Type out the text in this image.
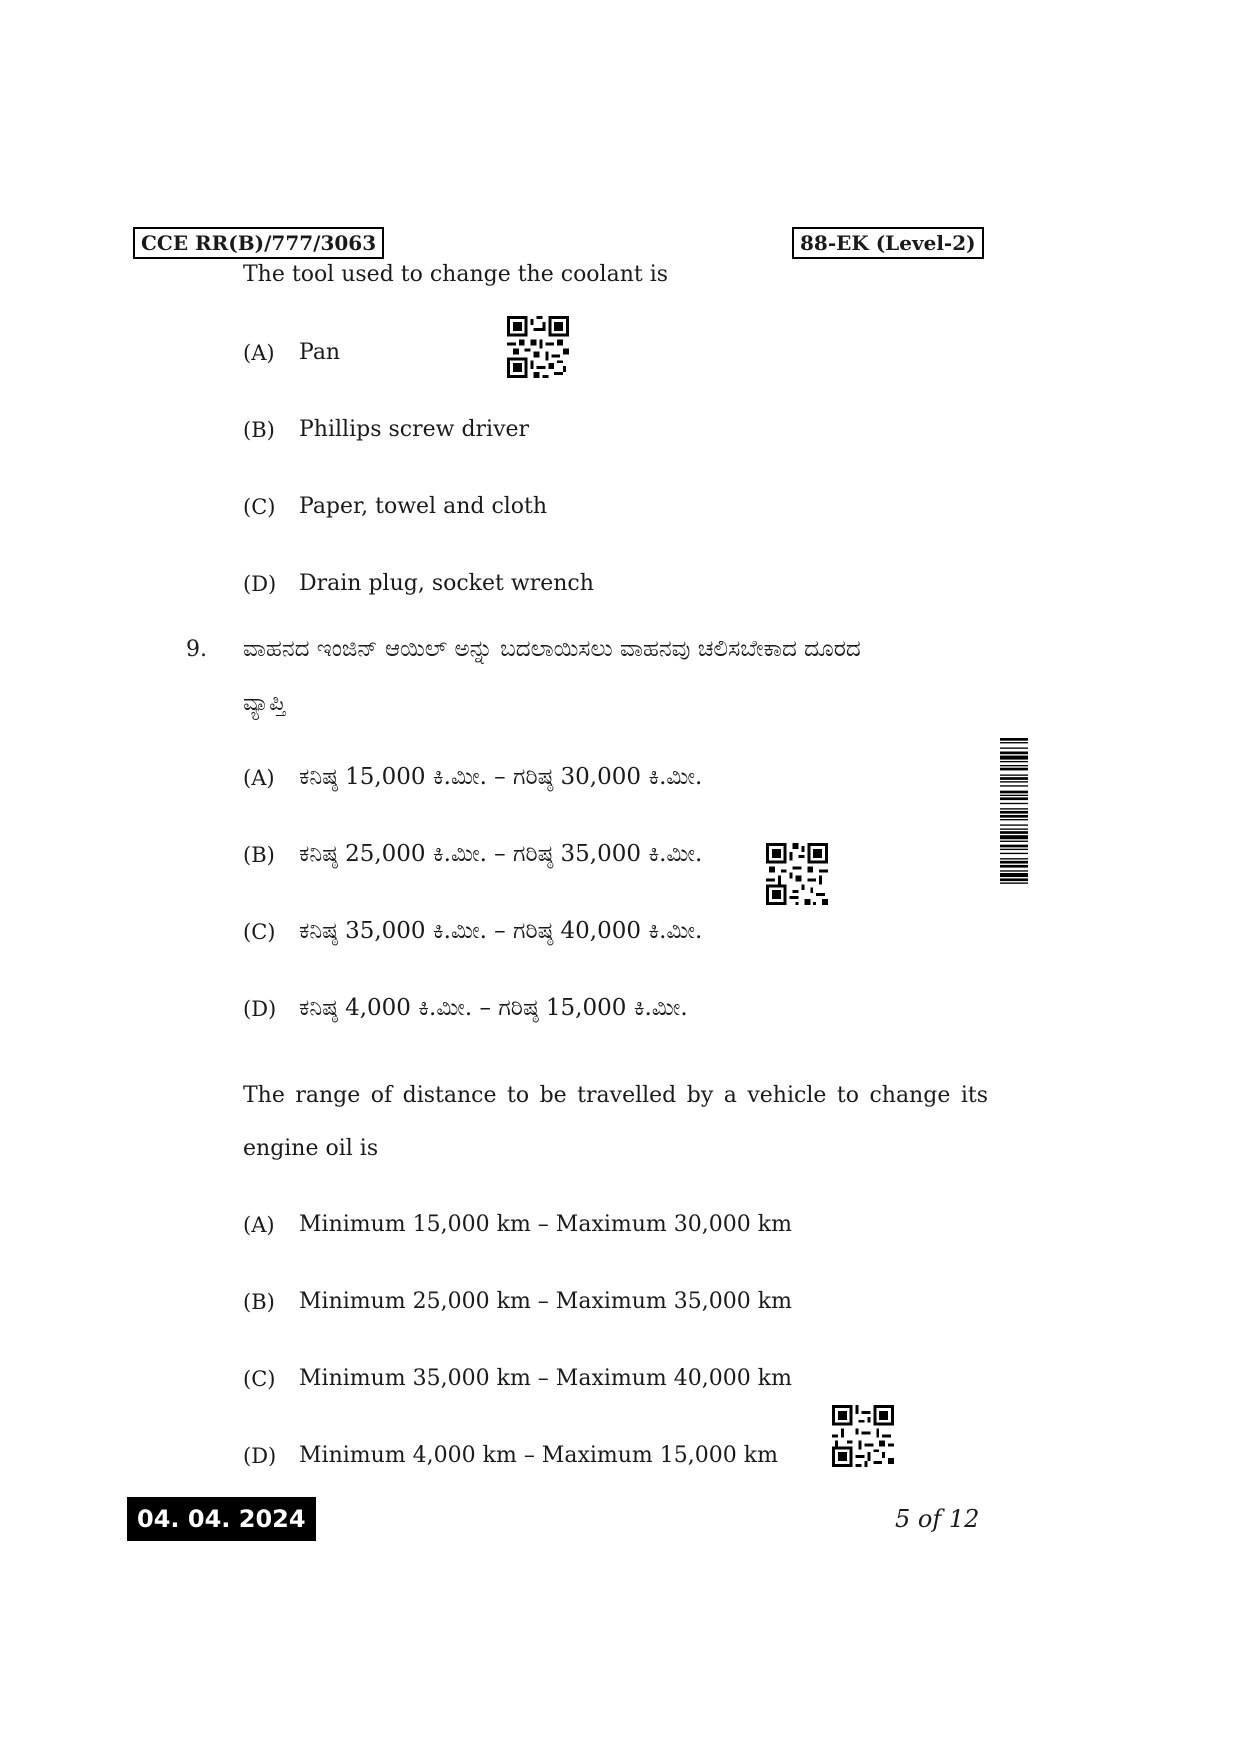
CCE RR(B)/777/3063	88-EK (Level-2)
The tool used to change the coolant is
(A)	Pan
(B)	Phillips screw driver
(C)	Paper, towel and cloth
(D)	Drain plug, socket wrench
9. ವಾಹನದ ಇಂಜಿನ್ ಆಯಿಲ್ ಅನ್ನು ಬದಲಾಯಿಸಲು ವಾಹನವು ಚಲಿಸಬೇಕಾದ ದೂರದ
ವ್ಯಾಪ್ತಿ
(A)	ಕನಿಷ್ಠ 15,000 ಕಿ.ಮೀ. – ಗರಿಷ್ಠ 30,000 ಕಿ.ಮೀ.
(B)	ಕನಿಷ್ಠ 25,000 ಕಿ.ಮೀ. – ಗರಿಷ್ಠ 35,000 ಕಿ.ಮೀ.
(C)	ಕನಿಷ್ಠ 35,000 ಕಿ.ಮೀ. – ಗರಿಷ್ಠ 40,000 ಕಿ.ಮೀ.
(D) ಕನಿಷ್ಠ 4,000 ಕಿ.ಮೀ. – ಗರಿಷ್ಠ 15,000 ಕಿ.ಮೀ.
The range of distance to be travelled by a vehicle to change its
engine oil is
(A)	Minimum 15,000 km – Maximum 30,000 km
(B)	Minimum 25,000 km – Maximum 35,000 km
(C)	Minimum 35,000 km – Maximum 40,000 km
(D)	Minimum 4,000 km – Maximum 15,000 km
04. 04. 2024	5 of 12
